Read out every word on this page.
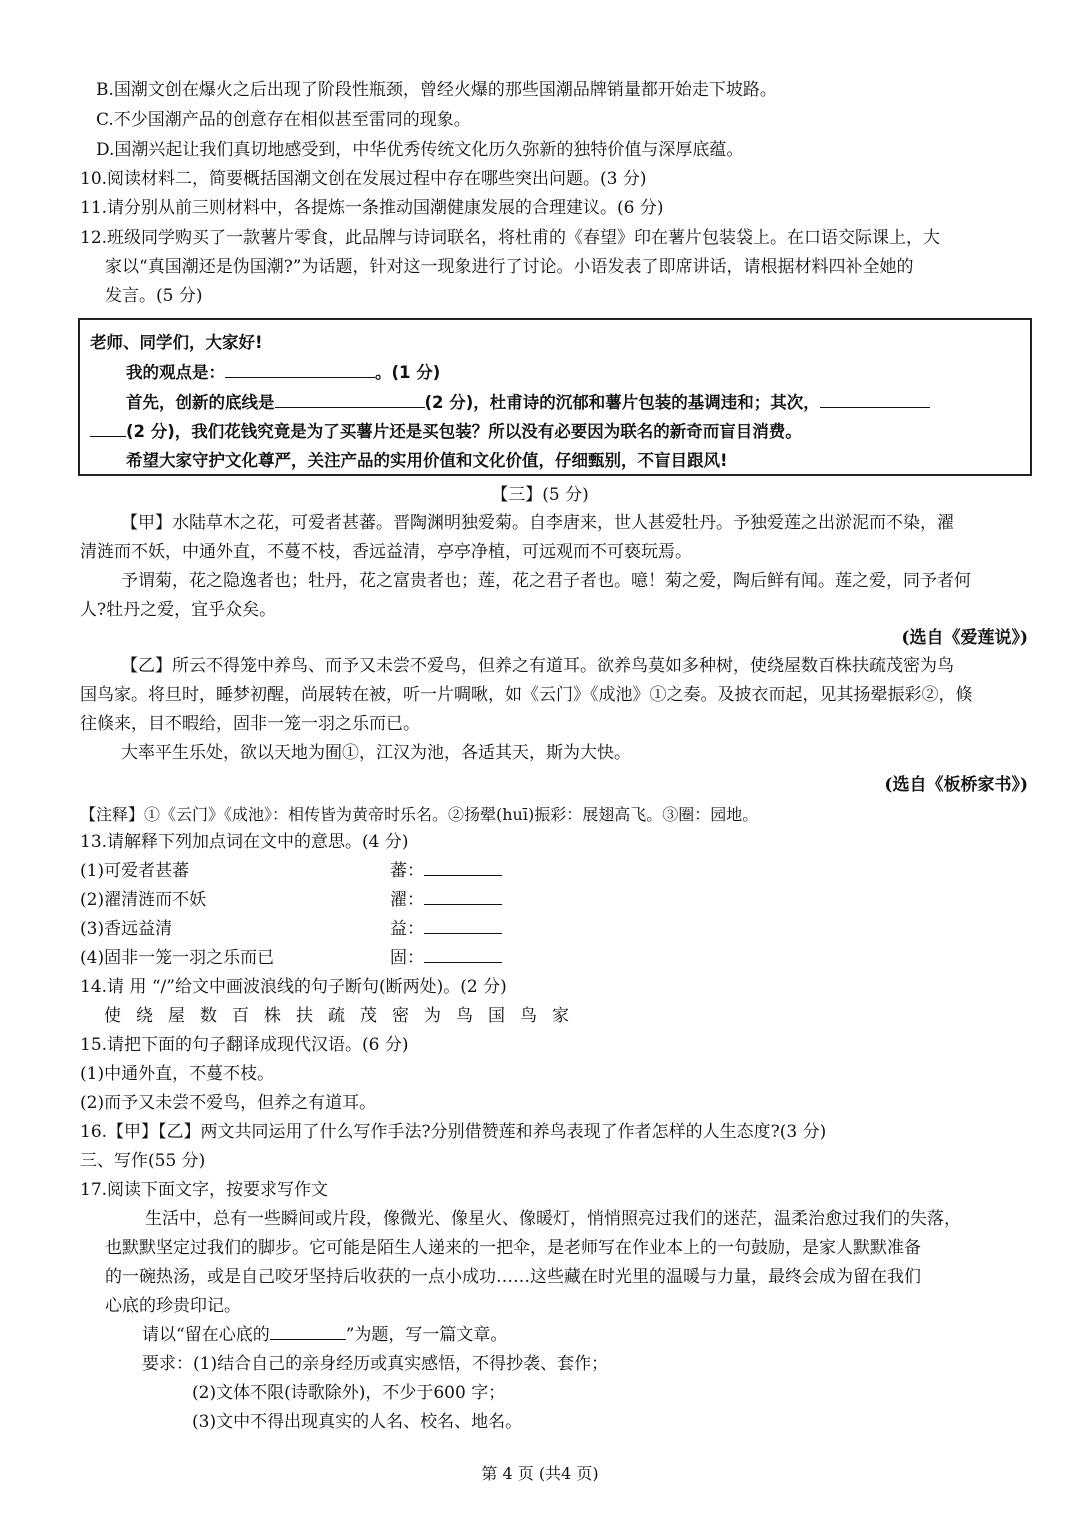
B.国潮文创在爆火之后出现了阶段性瓶颈，曾经火爆的那些国潮品牌销量都开始走下坡路。
C.不少国潮产品的创意存在相似甚至雷同的现象。
D.国潮兴起让我们真切地感受到，中华优秀传统文化历久弥新的独特价值与深厚底蕴。
10.阅读材料二，简要概括国潮文创在发展过程中存在哪些突出问题。(3 分)
11.请分别从前三则材料中，各提炼一条推动国潮健康发展的合理建议。(6 分)
12.班级同学购买了一款薯片零食，此品牌与诗词联名，将杜甫的《春望》印在薯片包装袋上。在口语交际课上，大
家以“真国潮还是伪国潮?”为话题，针对这一现象进行了讨论。小语发表了即席讲话，请根据材料四补全她的
发言。(5 分)
老师、同学们，大家好!
我的观点是：	。(1 分)
首先，创新的底线是	(2 分)，杜甫诗的沉郁和薯片包装的基调违和；其次，
(2 分)，我们花钱究竟是为了买薯片还是买包装？所以没有必要因为联名的新奇而盲目消费。
希望大家守护文化尊严，关注产品的实用价值和文化价值，仔细甄别，不盲目跟风!
【三】(5 分)
【甲】水陆草木之花，可爱者甚蕃。晋陶渊明独爱菊。自李唐来，世人甚爱牡丹。予独爱莲之出淤泥而不染，濯
清涟而不妖，中通外直，不蔓不枝，香远益清，亭亭净植，可远观而不可亵玩焉。
予谓菊，花之隐逸者也；牡丹，花之富贵者也；莲，花之君子者也。噫！菊之爱，陶后鲜有闻。莲之爱，同予者何
人?牡丹之爱，宜乎众矣。
(选自《爱莲说》)
【乙】所云不得笼中养鸟、而予又未尝不爱鸟，但养之有道耳。欲养鸟莫如多种树，使绕屋数百株扶疏茂密为鸟
国鸟家。将旦时，睡梦初醒，尚展转在被，听一片啁啾，如《云门》《成池》①之奏。及披衣而起，见其扬翚振彩②，倏
往倏来，目不暇给，固非一笼一羽之乐而已。
大率平生乐处，欲以天地为囿①，江汉为池，各适其天，斯为大快。
(选自《板桥家书》)
【注释】①《云门》《成池》：相传皆为黄帝时乐名。②扬翚(huī)振彩：展翅高飞。③圈：园地。
13.请解释下列加点词在文中的意思。(4 分)
(1)可爱者甚蕃	蕃：
(2)濯清涟而不妖	濯：
(3)香远益清	益：
(4)固非一笼一羽之乐而已	固：
14.请 用 “/”给文中画波浪线的句子断句(断两处)。(2 分)
使绕屋数百株扶疏茂密为鸟国鸟家
15.请把下面的句子翻译成现代汉语。(6 分)
(1)中通外直，不蔓不枝。
(2)而予又未尝不爱鸟，但养之有道耳。
16.【甲】【乙】两文共同运用了什么写作手法?分别借赞莲和养鸟表现了作者怎样的人生态度?(3 分)
三、写作(55 分)
17.阅读下面文字，按要求写作文
生活中，总有一些瞬间或片段，像微光、像星火、像暖灯，悄悄照亮过我们的迷茫，温柔治愈过我们的失落，
也默默坚定过我们的脚步。它可能是陌生人递来的一把伞，是老师写在作业本上的一句鼓励，是家人默默准备
的一碗热汤，或是自己咬牙坚持后收获的一点小成功……这些藏在时光里的温暖与力量，最终会成为留在我们
心底的珍贵印记。
请以“留在心底的	”为题，写一篇文章。
要求：(1)结合自己的亲身经历或真实感悟，不得抄袭、套作；
(2)文体不限(诗歌除外)，不少于600 字；
(3)文中不得出现真实的人名、校名、地名。
第 4 页 (共4 页)
